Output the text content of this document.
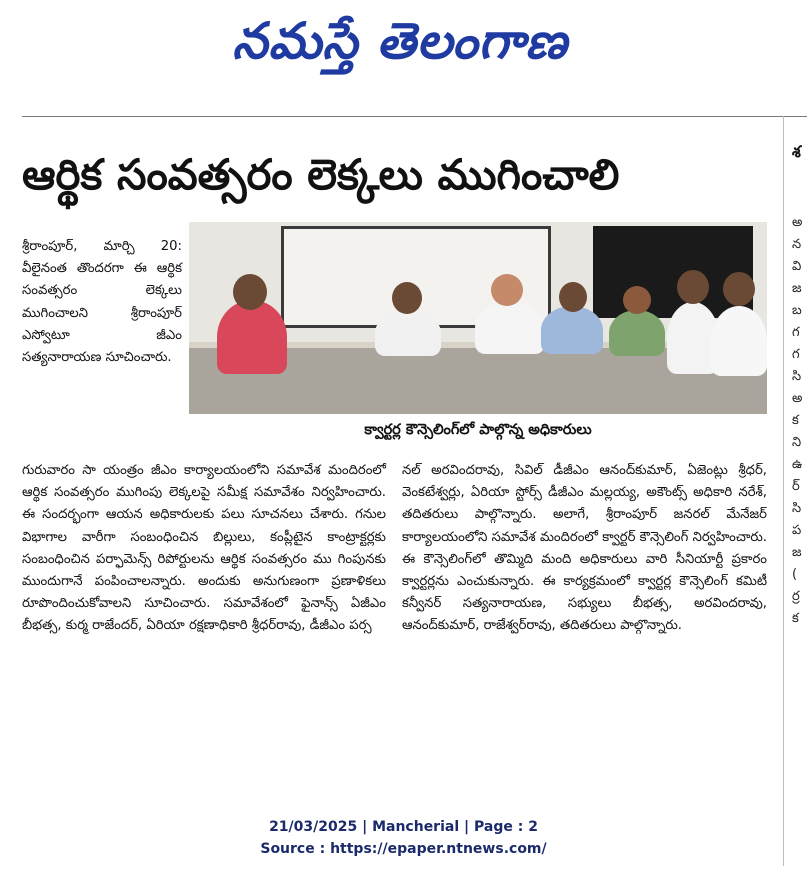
నమస్తే తెలంగాణ
ఆర్థిక సంవత్సరం లెక్కలు ముగించాలి	శ
అ
న
వి
జ
బ
గ
గ
సి
అ
క
ని
ఉ
ర్
సి
ప
జ
(
ర్ర
క

శ్రీరాంపూర్, మార్చి 20: వీలైనంత తొందరగా ఈ ఆర్థిక సంవత్సరం లెక్కలు ముగించాలని శ్రీరాంపూర్ ఎస్వోటూ జీఎం సత్యనారాయణ సూచించారు.

క్వార్టర్ల కౌన్సెలింగ్‌లో పాల్గొన్న అధికారులు

గురువారం సా యంత్రం జీఎం కార్యాలయంలోని సమావేశ మందిరంలో ఆర్థిక సంవత్సరం ముగింపు లెక్కలపై సమీక్ష సమావేశం నిర్వహించారు. ఈ సందర్భంగా ఆయన అధికారులకు పలు సూచనలు చేశారు. గనుల విభాగాల వారీగా సంబంధించిన బిల్లులు, కంప్లీటైన కాంట్రాక్టర్లకు సంబంధించిన పర్ఫామెన్స్ రిపోర్టులను ఆర్థిక సంవత్సరం ము గింపునకు ముందుగానే పంపించాలన్నారు. అందుకు అనుగుణంగా ప్రణాళికలు రూపొందించుకోవాలని సూచించారు. సమావేశంలో ఫైనాన్స్ ఏజీఎం బీభత్స, కుర్మ రాజేందర్, ఏరియా రక్షణాధికారి శ్రీధర్‌రావు, డీజీఎం పర్స

నల్ అరవిందరావు, సివిల్ డీజీఎం ఆనంద్‌కుమార్, ఏజెంట్లు శ్రీధర్, వెంకటేశ్వర్లు, ఏరియా స్టోర్స్ డీజీఎం మల్లయ్య, అకౌంట్స్ అధికారి నరేశ్, తదితరులు పాల్గొన్నారు. అలాగే, శ్రీరాంపూర్ జనరల్ మేనేజర్ కార్యాలయంలోని సమావేశ మందిరంలో క్వార్టర్ కౌన్సెలింగ్ నిర్వహించారు. ఈ కౌన్సెలింగ్‌లో తొమ్మిది మంది అధికారులు వారి సీనియార్టీ ప్రకారం క్వార్టర్లను ఎంచుకున్నారు. ఈ కార్యక్రమంలో క్వార్టర్ల కౌన్సెలింగ్ కమిటీ కన్వీనర్ సత్యనారాయణ, సభ్యులు బీభత్స, అరవిందరావు, ఆనంద్‌కుమార్, రాజేశ్వర్‌రావు, తదితరులు పాల్గొన్నారు.

21/03/2025 | Mancherial | Page : 2
Source : https://epaper.ntnews.com/
